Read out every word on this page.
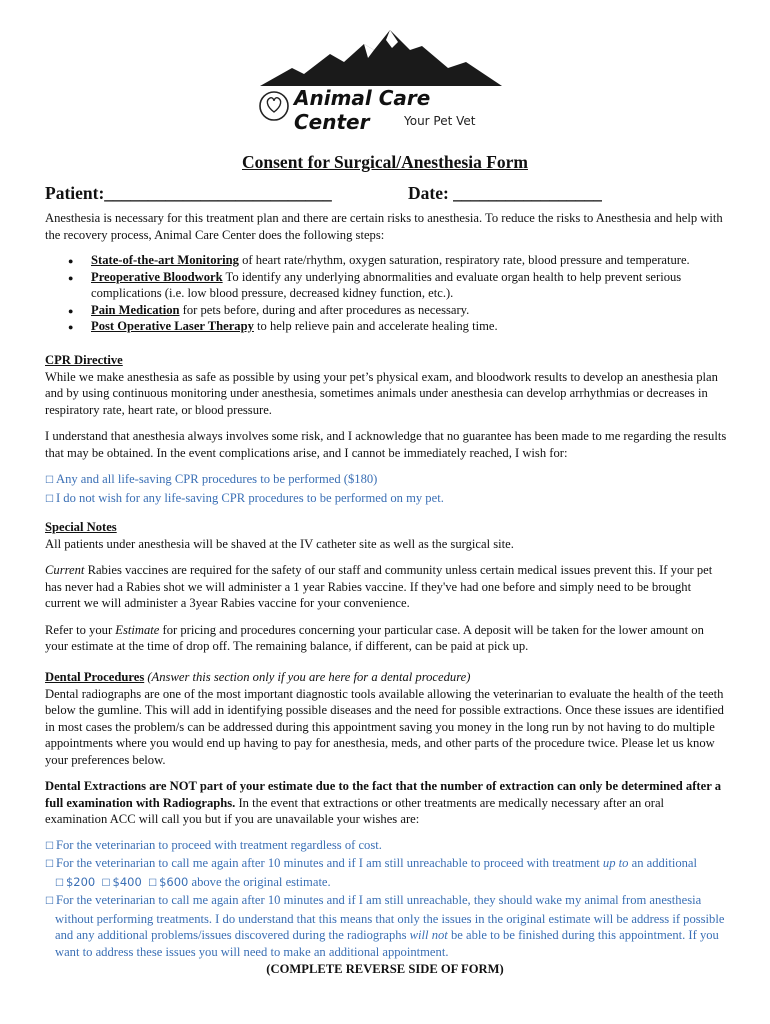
Animal Care Center	Your Pet Vet
Consent for Surgical/Anesthesia Form
Patient:__________________________	Date: _________________

Anesthesia is necessary for this treatment plan and there are certain risks to anesthesia. To reduce the risks to Anesthesia and help with the recovery process, Animal Care Center does the following steps:

● State-of-the-art Monitoring of heart rate/rhythm, oxygen saturation, respiratory rate, blood pressure and temperature.
● Preoperative Bloodwork To identify any underlying abnormalities and evaluate organ health to help prevent serious complications (i.e. low blood pressure, decreased kidney function, etc.).
● Pain Medication for pets before, during and after procedures as necessary.
● Post Operative Laser Therapy to help relieve pain and accelerate healing time.

CPR Directive

While we make anesthesia as safe as possible by using your pet’s physical exam, and bloodwork results to develop an anesthesia plan and by using continuous monitoring under anesthesia, sometimes animals under anesthesia can develop arrhythmias or decreases in respiratory rate, heart rate, or blood pressure.

I understand that anesthesia always involves some risk, and I acknowledge that no guarantee has been made to me regarding the results that may be obtained. In the event complications arise, and I cannot be immediately reached, I wish for:

☐ Any and all life-saving CPR procedures to be performed ($180)

☐ I do not wish for any life-saving CPR procedures to be performed on my pet.

Special Notes

All patients under anesthesia will be shaved at the IV catheter site as well as the surgical site.

Current Rabies vaccines are required for the safety of our staff and community unless certain medical issues prevent this. If your pet has never had a Rabies shot we will administer a 1 year Rabies vaccine. If they've had one before and simply need to be brought current we will administer a 3year Rabies vaccine for your convenience.

Refer to your Estimate for pricing and procedures concerning your particular case. A deposit will be taken for the lower amount on your estimate at the time of drop off. The remaining balance, if different, can be paid at pick up.

Dental Procedures (Answer this section only if you are here for a dental procedure)

Dental radiographs are one of the most important diagnostic tools available allowing the veterinarian to evaluate the health of the teeth below the gumline. This will add in identifying possible diseases and the need for possible extractions. Once these issues are identified in most cases the problem/s can be addressed during this appointment saving you money in the long run by not having to do multiple appointments where you would end up having to pay for anesthesia, meds, and other parts of the procedure twice. Please let us know your preferences below.

Dental Extractions are NOT part of your estimate due to the fact that the number of extraction can only be determined after a full examination with Radiographs. In the event that extractions or other treatments are medically necessary after an oral examination ACC will call you but if you are unavailable your wishes are:

☐ For the veterinarian to proceed with treatment regardless of cost.

☐ For the veterinarian to call me again after 10 minutes and if I am still unreachable to proceed with treatment up to an additional ☐ $200 ☐ $400 ☐ $600 above the original estimate.

☐ For the veterinarian to call me again after 10 minutes and if I am still unreachable, they should wake my animal from anesthesia without performing treatments. I do understand that this means that only the issues in the original estimate will be address if possible and any additional problems/issues discovered during the radiographs will not be able to be finished during this appointment. If you want to address these issues you will need to make an additional appointment.

(COMPLETE REVERSE SIDE OF FORM)
